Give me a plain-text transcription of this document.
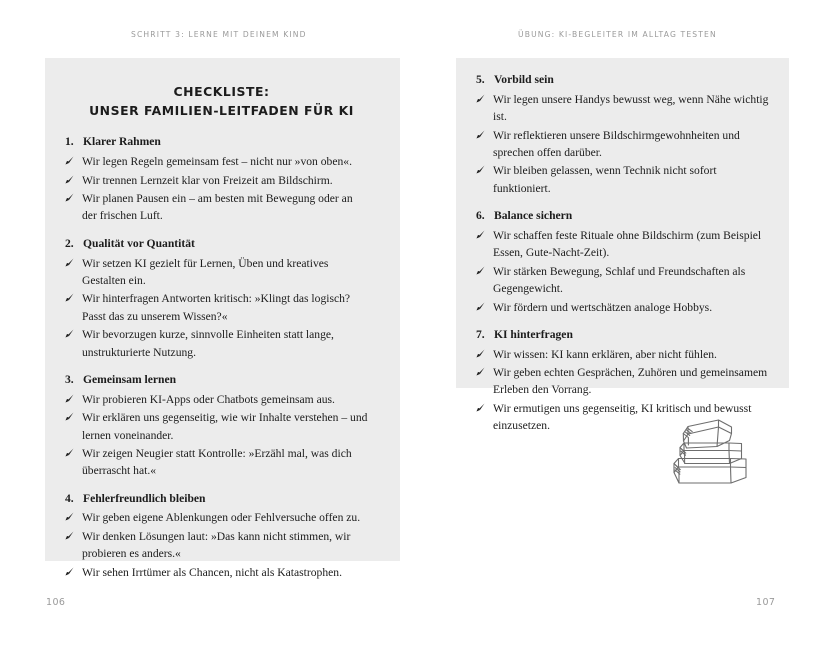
SCHRITT 3: LERNE MIT DEINEM KIND	ÜBUNG: KI-BEGLEITER IM ALLTAG TESTEN
CHECKLISTE:
UNSER FAMILIEN-LEITFADEN FÜR KI
1. Klarer Rahmen
Wir legen Regeln gemeinsam fest – nicht nur »von oben«.
Wir trennen Lernzeit klar von Freizeit am Bildschirm.
Wir planen Pausen ein – am besten mit Bewegung oder an der frischen Luft.
2. Qualität vor Quantität
Wir setzen KI gezielt für Lernen, Üben und kreatives Gestalten ein.
Wir hinterfragen Antworten kritisch: »Klingt das logisch? Passt das zu unserem Wissen?«
Wir bevorzugen kurze, sinnvolle Einheiten statt lange, unstrukturierte Nutzung.
3. Gemeinsam lernen
Wir probieren KI-Apps oder Chatbots gemeinsam aus.
Wir erklären uns gegenseitig, wie wir Inhalte verstehen – und lernen voneinander.
Wir zeigen Neugier statt Kontrolle: »Erzähl mal, was dich überrascht hat.«
4. Fehlerfreundlich bleiben
Wir geben eigene Ablenkungen oder Fehlversuche offen zu.
Wir denken Lösungen laut: »Das kann nicht stimmen, wir probieren es anders.«
Wir sehen Irrtümer als Chancen, nicht als Katastrophen.
5. Vorbild sein
Wir legen unsere Handys bewusst weg, wenn Nähe wichtig ist.
Wir reflektieren unsere Bildschirmgewohnheiten und sprechen offen darüber.
Wir bleiben gelassen, wenn Technik nicht sofort funktioniert.
6. Balance sichern
Wir schaffen feste Rituale ohne Bildschirm (zum Beispiel Essen, Gute-Nacht-Zeit).
Wir stärken Bewegung, Schlaf und Freundschaften als Gegengewicht.
Wir fördern und wertschätzen analoge Hobbys.
7. KI hinterfragen
Wir wissen: KI kann erklären, aber nicht fühlen.
Wir geben echten Gesprächen, Zuhören und gemeinsamem Erleben den Vorrang.
Wir ermutigen uns gegenseitig, KI kritisch und bewusst einzusetzen.
106	107
